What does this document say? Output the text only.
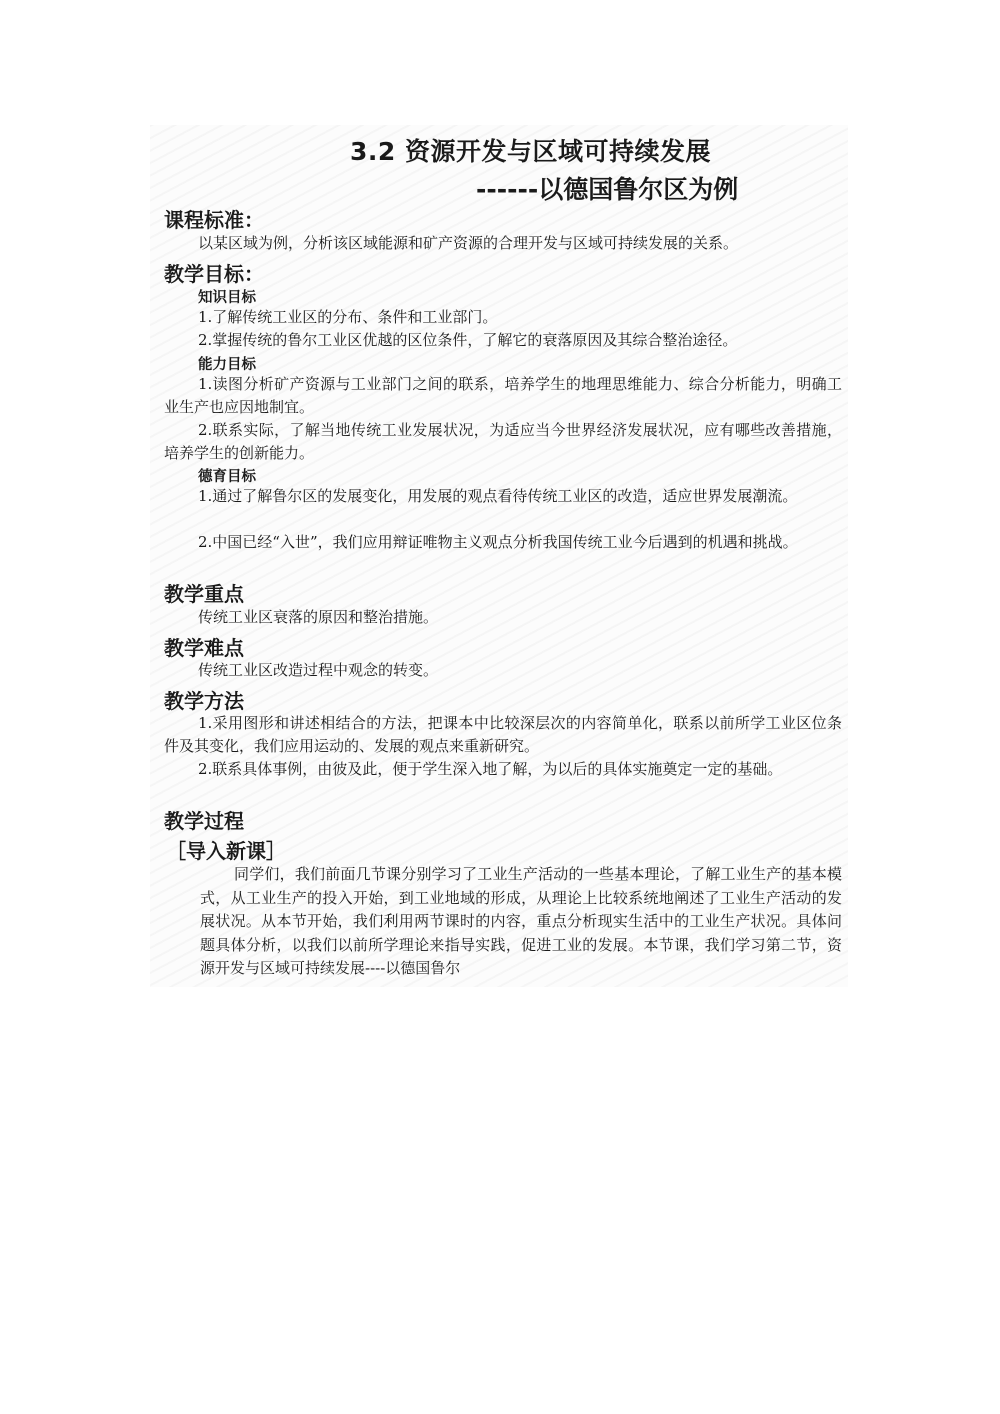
3.2 资源开发与区域可持续发展
------以德国鲁尔区为例
课程标准：
以某区域为例，分析该区域能源和矿产资源的合理开发与区域可持续发展的关系。
教学目标：
知识目标
1.了解传统工业区的分布、条件和工业部门。
2.掌握传统的鲁尔工业区优越的区位条件，了解它的衰落原因及其综合整治途径。
能力目标
1.读图分析矿产资源与工业部门之间的联系，培养学生的地理思维能力、综合分析能力，明确工业生产也应因地制宜。
2.联系实际，了解当地传统工业发展状况，为适应当今世界经济发展状况，应有哪些改善措施，培养学生的创新能力。
德育目标
1.通过了解鲁尔区的发展变化，用发展的观点看待传统工业区的改造，适应世界发展潮流。
2.中国已经“入世”，我们应用辩证唯物主义观点分析我国传统工业今后遇到的机遇和挑战。
教学重点
传统工业区衰落的原因和整治措施。
教学难点
传统工业区改造过程中观念的转变。
教学方法
1.采用图形和讲述相结合的方法，把课本中比较深层次的内容简单化，联系以前所学工业区位条件及其变化，我们应用运动的、发展的观点来重新研究。
2.联系具体事例，由彼及此，便于学生深入地了解，为以后的具体实施奠定一定的基础。
教学过程
［导入新课］
同学们，我们前面几节课分别学习了工业生产活动的一些基本理论，了解工业生产的基本模式，从工业生产的投入开始，到工业地域的形成，从理论上比较系统地阐述了工业生产活动的发展状况。从本节开始，我们利用两节课时的内容，重点分析现实生活中的工业生产状况。具体问题具体分析，以我们以前所学理论来指导实践，促进工业的发展。本节课，我们学习第二节，资源开发与区域可持续发展----以德国鲁尔
